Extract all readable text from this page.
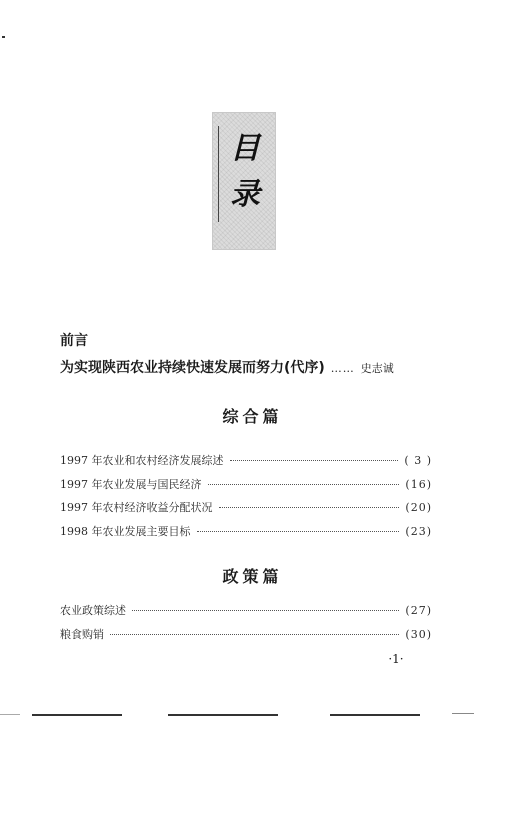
目
录
前言
为实现陕西农业持续快速发展而努力(代序) …… 史志诚
综合篇
1997 年农业和农村经济发展综述	( 3 )
1997 年农业发展与国民经济	(16)
1997 年农村经济收益分配状况	(20)
1998 年农业发展主要目标	(23)
政策篇
农业政策综述	(27)
粮食购销	(30)
·1·
